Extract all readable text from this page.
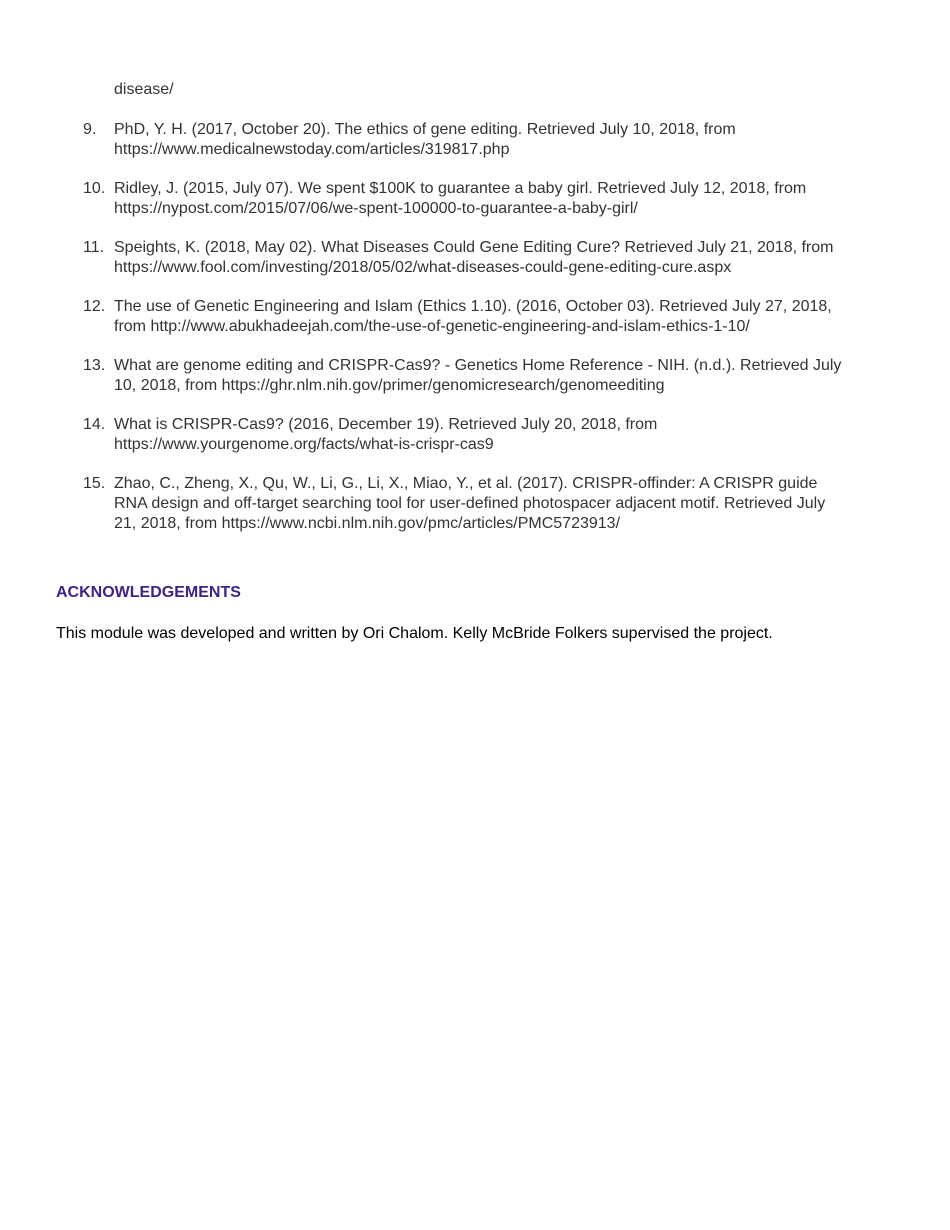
disease/
9.	PhD, Y. H. (2017, October 20). The ethics of gene editing. Retrieved July 10, 2018, from
https://www.medicalnewstoday.com/articles/319817.php
10. Ridley, J. (2015, July 07). We spent $100K to guarantee a baby girl. Retrieved July 12, 2018, from
https://nypost.com/2015/07/06/we-spent-100000-to-guarantee-a-baby-girl/
11. Speights, K. (2018, May 02). What Diseases Could Gene Editing Cure? Retrieved July 21, 2018, from
https://www.fool.com/investing/2018/05/02/what-diseases-could-gene-editing-cure.aspx
12. The use of Genetic Engineering and Islam (Ethics 1.10). (2016, October 03). Retrieved July 27, 2018,
from http://www.abukhadeejah.com/the-use-of-genetic-engineering-and-islam-ethics-1-10/
13. What are genome editing and CRISPR-Cas9? - Genetics Home Reference - NIH. (n.d.). Retrieved July
10, 2018, from https://ghr.nlm.nih.gov/primer/genomicresearch/genomeediting
14. What is CRISPR-Cas9? (2016, December 19). Retrieved July 20, 2018, from
https://www.yourgenome.org/facts/what-is-crispr-cas9
15. Zhao, C., Zheng, X., Qu, W., Li, G., Li, X., Miao, Y., et al. (2017). CRISPR-offinder: A CRISPR guide
RNA design and off-target searching tool for user-defined photospacer adjacent motif. Retrieved July
21, 2018, from https://www.ncbi.nlm.nih.gov/pmc/articles/PMC5723913/
ACKNOWLEDGEMENTS

This module was developed and written by Ori Chalom. Kelly McBride Folkers supervised the project.
